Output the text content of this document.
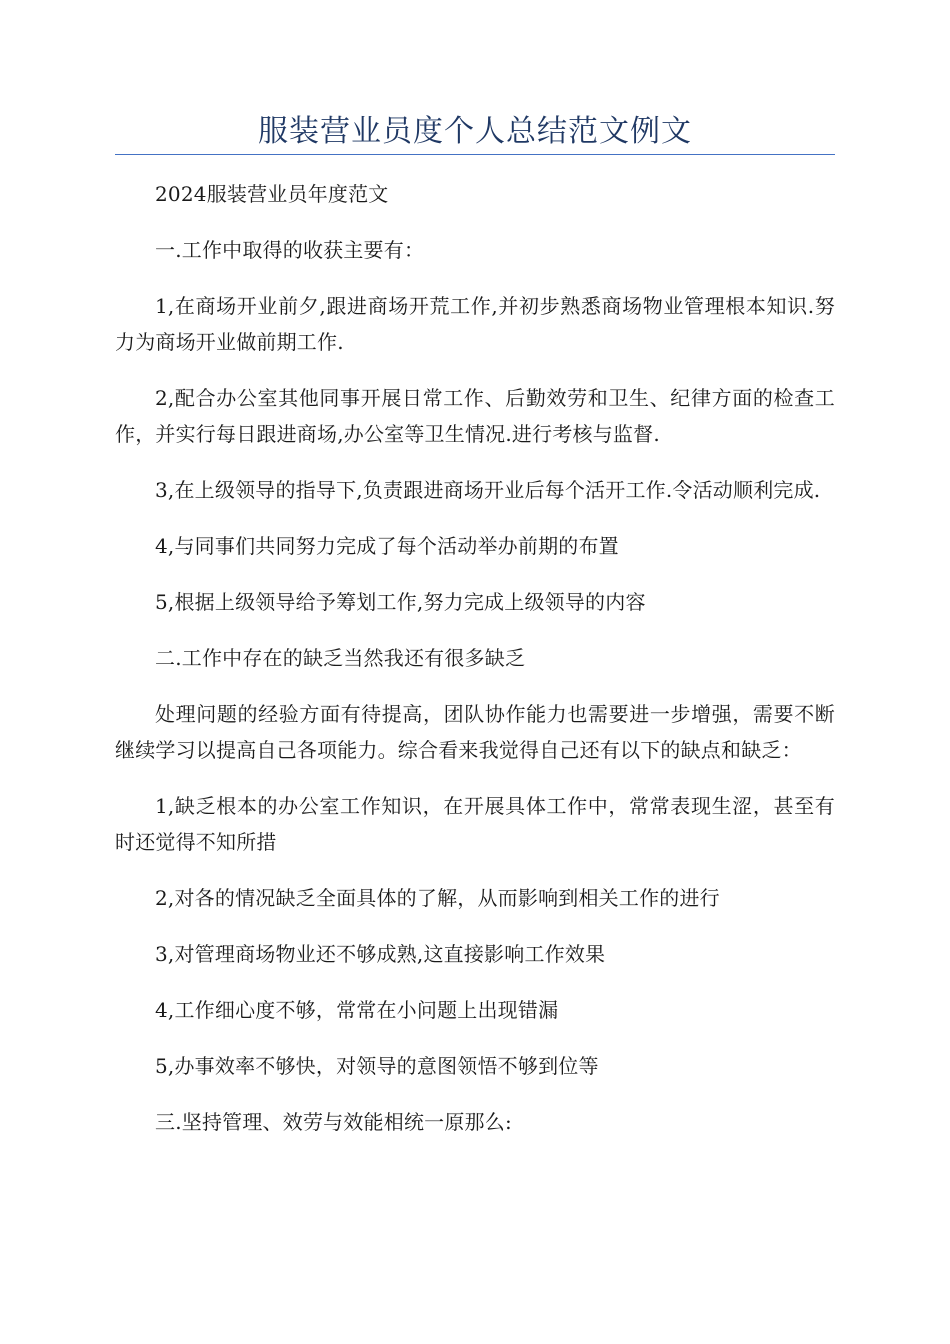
服装营业员度个人总结范文例文

2024服装营业员年度范文

一.工作中取得的收获主要有：

1,在商场开业前夕,跟进商场开荒工作,并初步熟悉商场物业管理根本知识.努力为商场开业做前期工作.

2,配合办公室其他同事开展日常工作、后勤效劳和卫生、纪律方面的检查工作，并实行每日跟进商场,办公室等卫生情况.进行考核与监督.

3,在上级领导的指导下,负责跟进商场开业后每个活开工作.令活动顺利完成.

4,与同事们共同努力完成了每个活动举办前期的布置

5,根据上级领导给予筹划工作,努力完成上级领导的内容

二.工作中存在的缺乏当然我还有很多缺乏

处理问题的经验方面有待提高，团队协作能力也需要进一步增强，需要不断继续学习以提高自己各项能力。综合看来我觉得自己还有以下的缺点和缺乏：

1,缺乏根本的办公室工作知识，在开展具体工作中，常常表现生涩，甚至有时还觉得不知所措

2,对各的情况缺乏全面具体的了解，从而影响到相关工作的进行

3,对管理商场物业还不够成熟,这直接影响工作效果

4,工作细心度不够，常常在小问题上出现错漏

5,办事效率不够快，对领导的意图领悟不够到位等

三.坚持管理、效劳与效能相统一原那么:
